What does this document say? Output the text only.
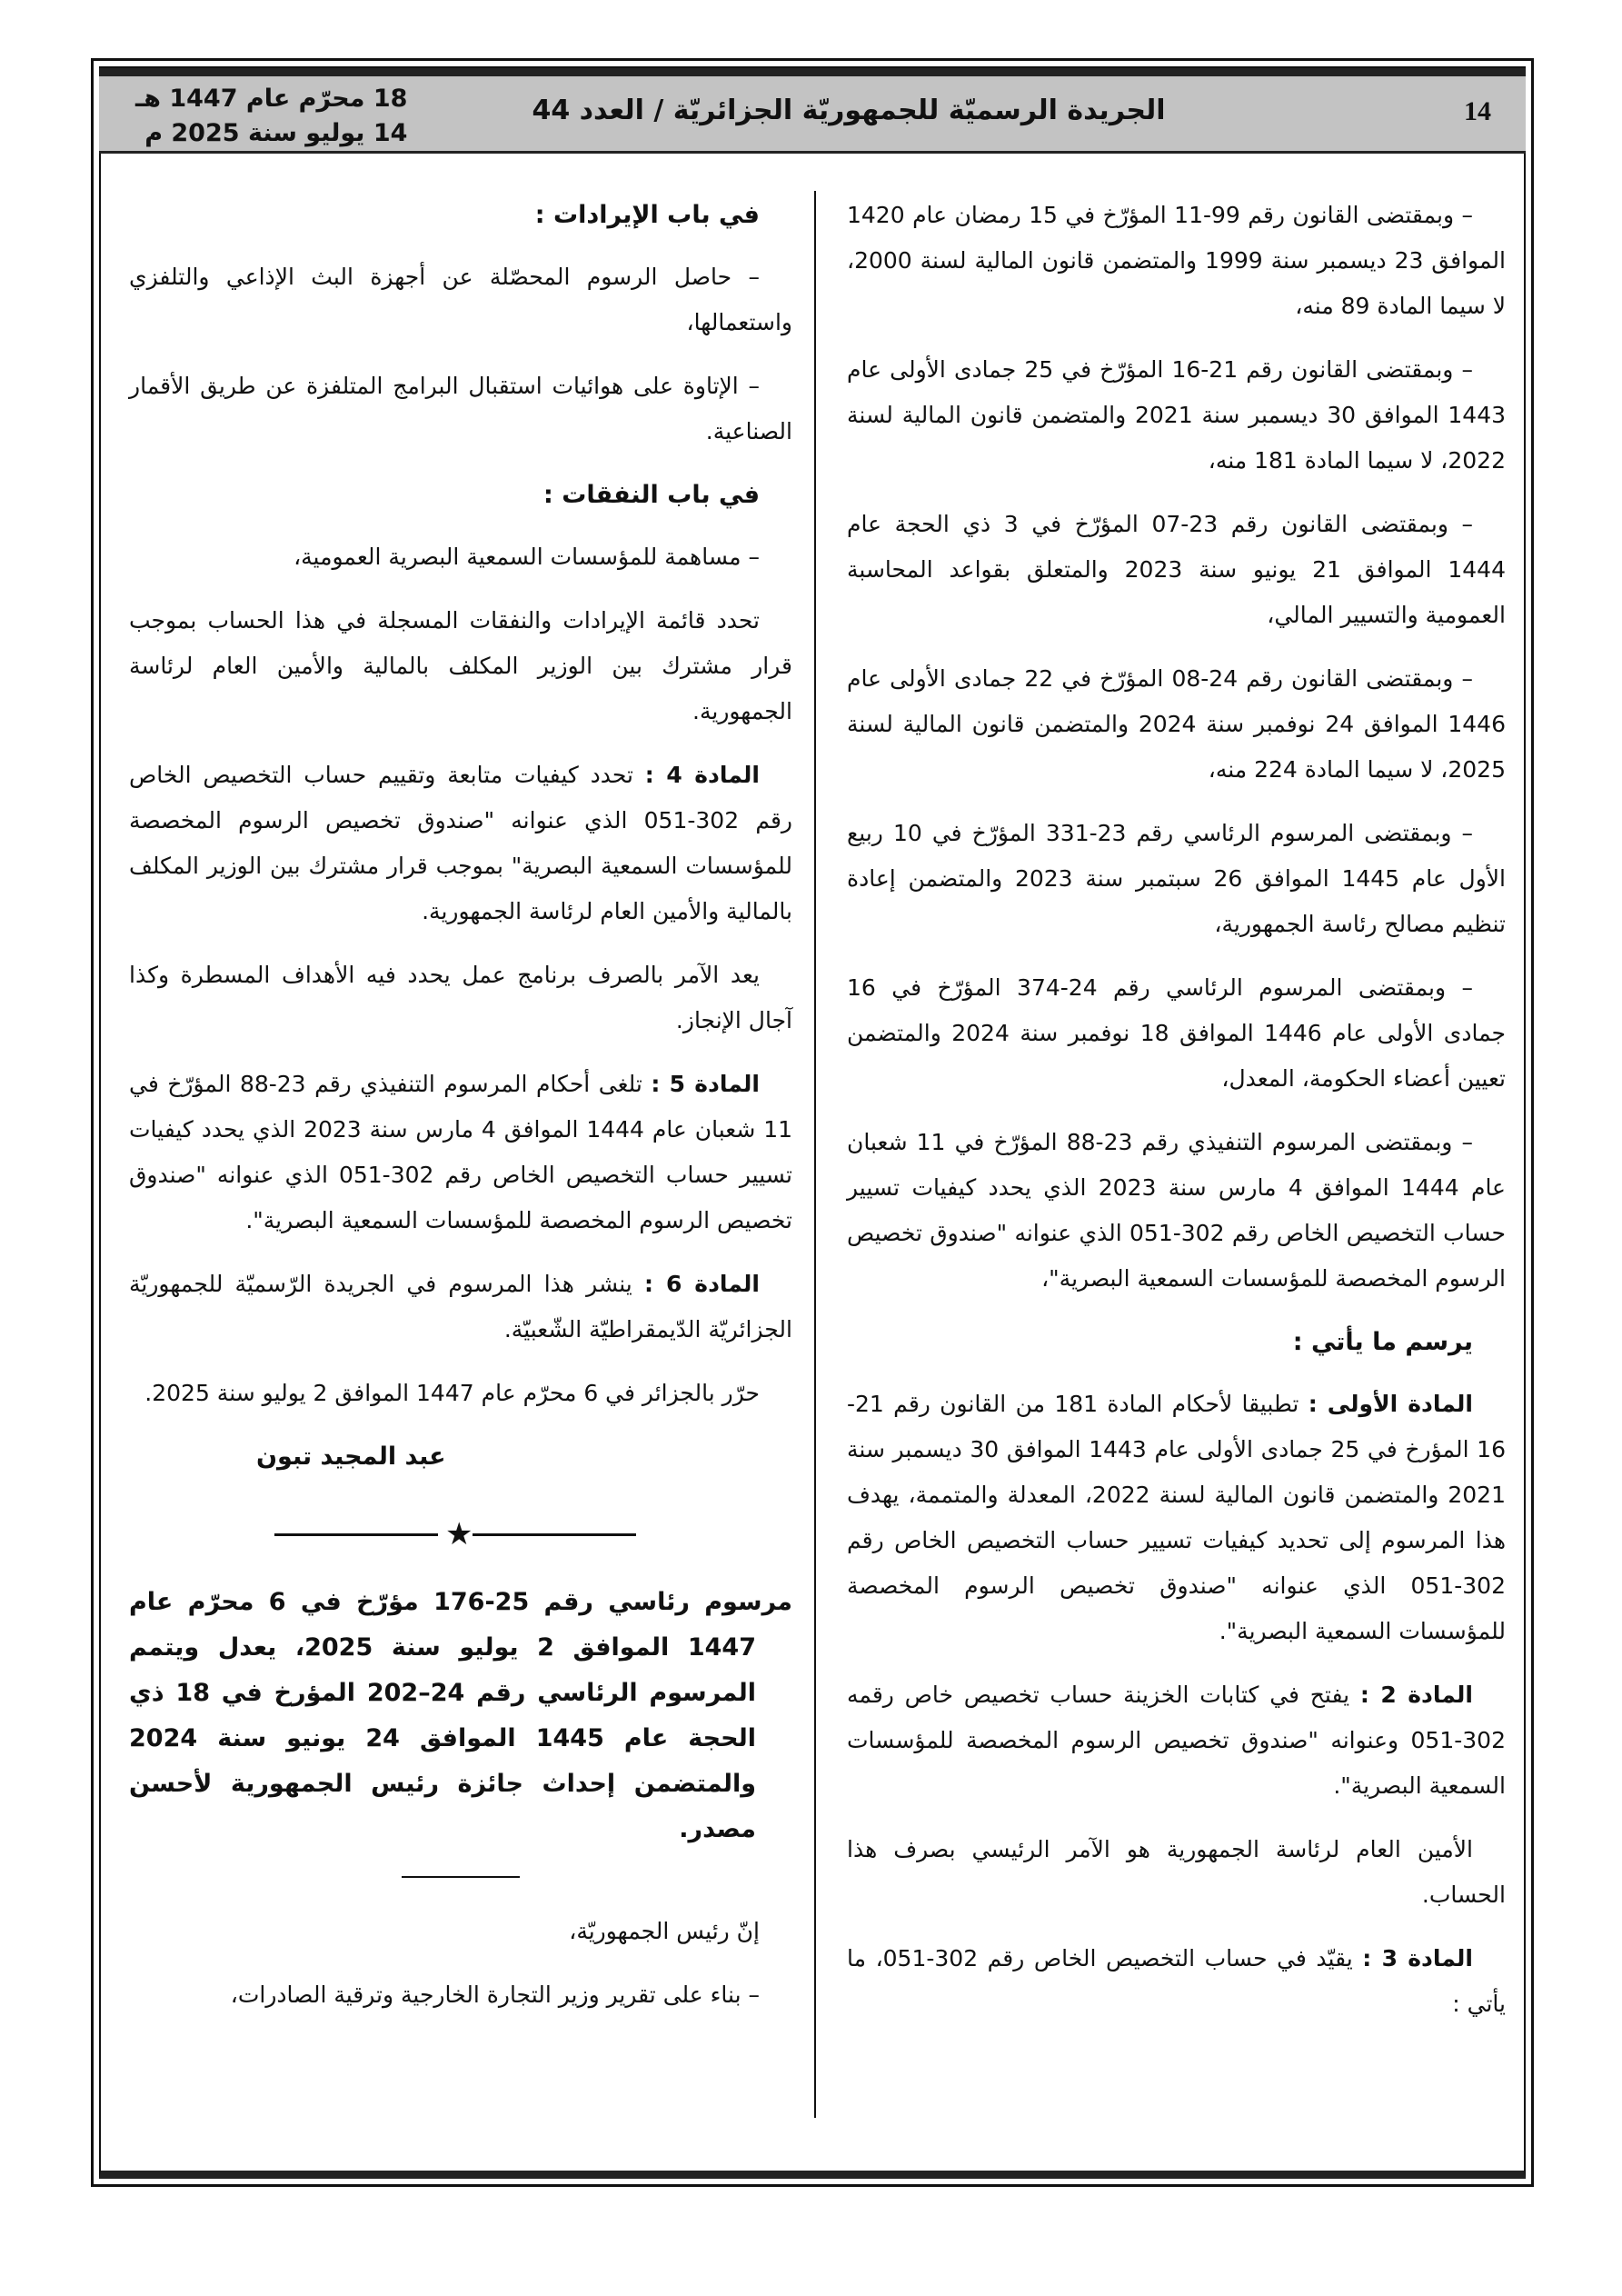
14
الجريدة الرسميّة للجمهوريّة الجزائريّة / العدد 44
18 محرّم عام 1447 هـ
14 يوليو سنة 2025 م

– وبمقتضى القانون رقم 99-11 المؤرّخ في 15 رمضان عام 1420 الموافق 23 ديسمبر سنة 1999 والمتضمن قانون المالية لسنة 2000، لا سيما المادة 89 منه،

– وبمقتضى القانون رقم 21-16 المؤرّخ في 25 جمادى الأولى عام 1443 الموافق 30 ديسمبر سنة 2021 والمتضمن قانون المالية لسنة 2022، لا سيما المادة 181 منه،

– وبمقتضى القانون رقم 23-07 المؤرّخ في 3 ذي الحجة عام 1444 الموافق 21 يونيو سنة 2023 والمتعلق بقواعد المحاسبة العمومية والتسيير المالي،

– وبمقتضى القانون رقم 24-08 المؤرّخ في 22 جمادى الأولى عام 1446 الموافق 24 نوفمبر سنة 2024 والمتضمن قانون المالية لسنة 2025، لا سيما المادة 224 منه،

– وبمقتضى المرسوم الرئاسي رقم 23-331 المؤرّخ في 10 ربيع الأول عام 1445 الموافق 26 سبتمبر سنة 2023 والمتضمن إعادة تنظيم مصالح رئاسة الجمهورية،

– وبمقتضى المرسوم الرئاسي رقم 24-374 المؤرّخ في 16 جمادى الأولى عام 1446 الموافق 18 نوفمبر سنة 2024 والمتضمن تعيين أعضاء الحكومة، المعدل،

– وبمقتضى المرسوم التنفيذي رقم 23-88 المؤرّخ في 11 شعبان عام 1444 الموافق 4 مارس سنة 2023 الذي يحدد كيفيات تسيير حساب التخصيص الخاص رقم 302-051 الذي عنوانه "صندوق تخصيص الرسوم المخصصة للمؤسسات السمعية البصرية"،

يرسم ما يأتي :

المادة الأولى : تطبيقا لأحكام المادة 181 من القانون رقم 21-16 المؤرخ في 25 جمادى الأولى عام 1443 الموافق 30 ديسمبر سنة 2021 والمتضمن قانون المالية لسنة 2022، المعدلة والمتممة، يهدف هذا المرسوم إلى تحديد كيفيات تسيير حساب التخصيص الخاص رقم 302-051 الذي عنوانه "صندوق تخصيص الرسوم المخصصة للمؤسسات السمعية البصرية".

المادة 2 : يفتح في كتابات الخزينة حساب تخصيص خاص رقمه 302-051 وعنوانه "صندوق تخصيص الرسوم المخصصة للمؤسسات السمعية البصرية".

الأمين العام لرئاسة الجمهورية هو الآمر الرئيسي بصرف هذا الحساب.

المادة 3 : يقيّد في حساب التخصيص الخاص رقم 302-051، ما يأتي :

في باب الإيرادات :

– حاصل الرسوم المحصّلة عن أجهزة البث الإذاعي والتلفزي واستعمالها،

– الإتاوة على هوائيات استقبال البرامج المتلفزة عن طريق الأقمار الصناعية.

في باب النفقات :

– مساهمة للمؤسسات السمعية البصرية العمومية،

تحدد قائمة الإيرادات والنفقات المسجلة في هذا الحساب بموجب قرار مشترك بين الوزير المكلف بالمالية والأمين العام لرئاسة الجمهورية.

المادة 4 : تحدد كيفيات متابعة وتقييم حساب التخصيص الخاص رقم 302-051 الذي عنوانه "صندوق تخصيص الرسوم المخصصة للمؤسسات السمعية البصرية" بموجب قرار مشترك بين الوزير المكلف بالمالية والأمين العام لرئاسة الجمهورية.

يعد الآمر بالصرف برنامج عمل يحدد فيه الأهداف المسطرة وكذا آجال الإنجاز.

المادة 5 : تلغى أحكام المرسوم التنفيذي رقم 23-88 المؤرّخ في 11 شعبان عام 1444 الموافق 4 مارس سنة 2023 الذي يحدد كيفيات تسيير حساب التخصيص الخاص رقم 302-051 الذي عنوانه "صندوق تخصيص الرسوم المخصصة للمؤسسات السمعية البصرية".

المادة 6 : ينشر هذا المرسوم في الجريدة الرّسميّة للجمهوريّة الجزائريّة الدّيمقراطيّة الشّعبيّة.

حرّر بالجزائر في 6 محرّم عام 1447 الموافق 2 يوليو سنة 2025.

عبد المجيد تبون

★

مرسوم رئاسي رقم 25-176 مؤرّخ في 6 محرّم عام 1447 الموافق 2 يوليو سنة 2025، يعدل ويتمم المرسوم الرئاسي رقم 24–202 المؤرخ في 18 ذي الحجة عام 1445 الموافق 24 يونيو سنة 2024 والمتضمن إحداث جائزة رئيس الجمهورية لأحسن مصدر.

إنّ رئيس الجمهوريّة،

– بناء على تقرير وزير التجارة الخارجية وترقية الصادرات،
